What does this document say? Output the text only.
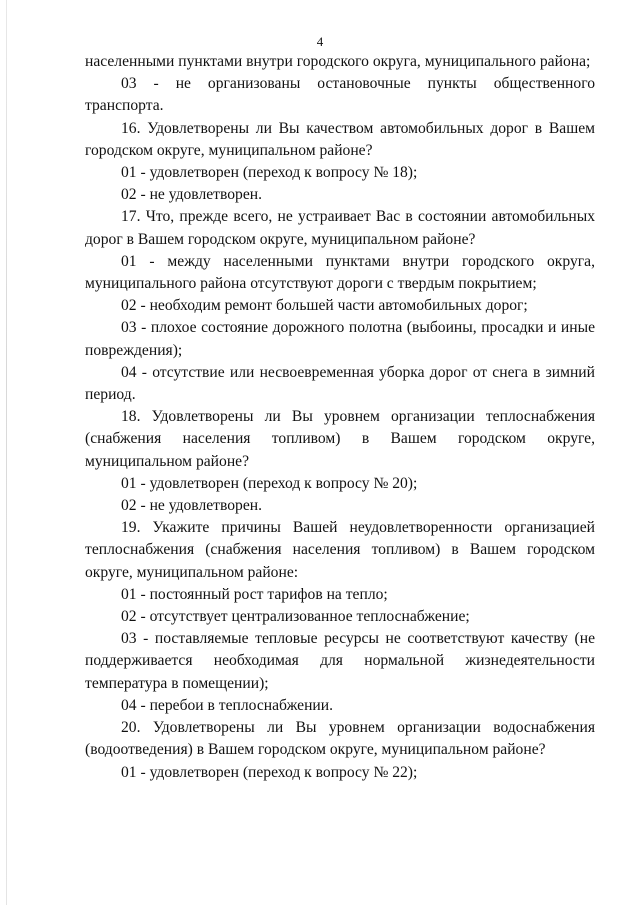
4

населенными пунктами внутри городского округа, муниципального района;

03 - не организованы остановочные пункты общественного транспорта.

16. Удовлетворены ли Вы качеством автомобильных дорог в Вашем городском округе, муниципальном районе?

01 - удовлетворен (переход к вопросу № 18);

02 - не удовлетворен.

17. Что, прежде всего, не устраивает Вас в состоянии автомобильных дорог в Вашем городском округе, муниципальном районе?

01 - между населенными пунктами внутри городского округа, муниципального района отсутствуют дороги с твердым покрытием;

02 - необходим ремонт большей части автомобильных дорог;

03 - плохое состояние дорожного полотна (выбоины, просадки и иные повреждения);

04 - отсутствие или несвоевременная уборка дорог от снега в зимний период.

18. Удовлетворены ли Вы уровнем организации теплоснабжения (снабжения населения топливом) в Вашем городском округе, муниципальном районе?

01 - удовлетворен (переход к вопросу № 20);

02 - не удовлетворен.

19. Укажите причины Вашей неудовлетворенности организацией теплоснабжения (снабжения населения топливом) в Вашем городском округе, муниципальном районе:

01 - постоянный рост тарифов на тепло;

02 - отсутствует централизованное теплоснабжение;

03 - поставляемые тепловые ресурсы не соответствуют качеству (не поддерживается необходимая для нормальной жизнедеятельности температура в помещении);

04 - перебои в теплоснабжении.

20. Удовлетворены ли Вы уровнем организации водоснабжения (водоотведения) в Вашем городском округе, муниципальном районе?

01 - удовлетворен (переход к вопросу № 22);
